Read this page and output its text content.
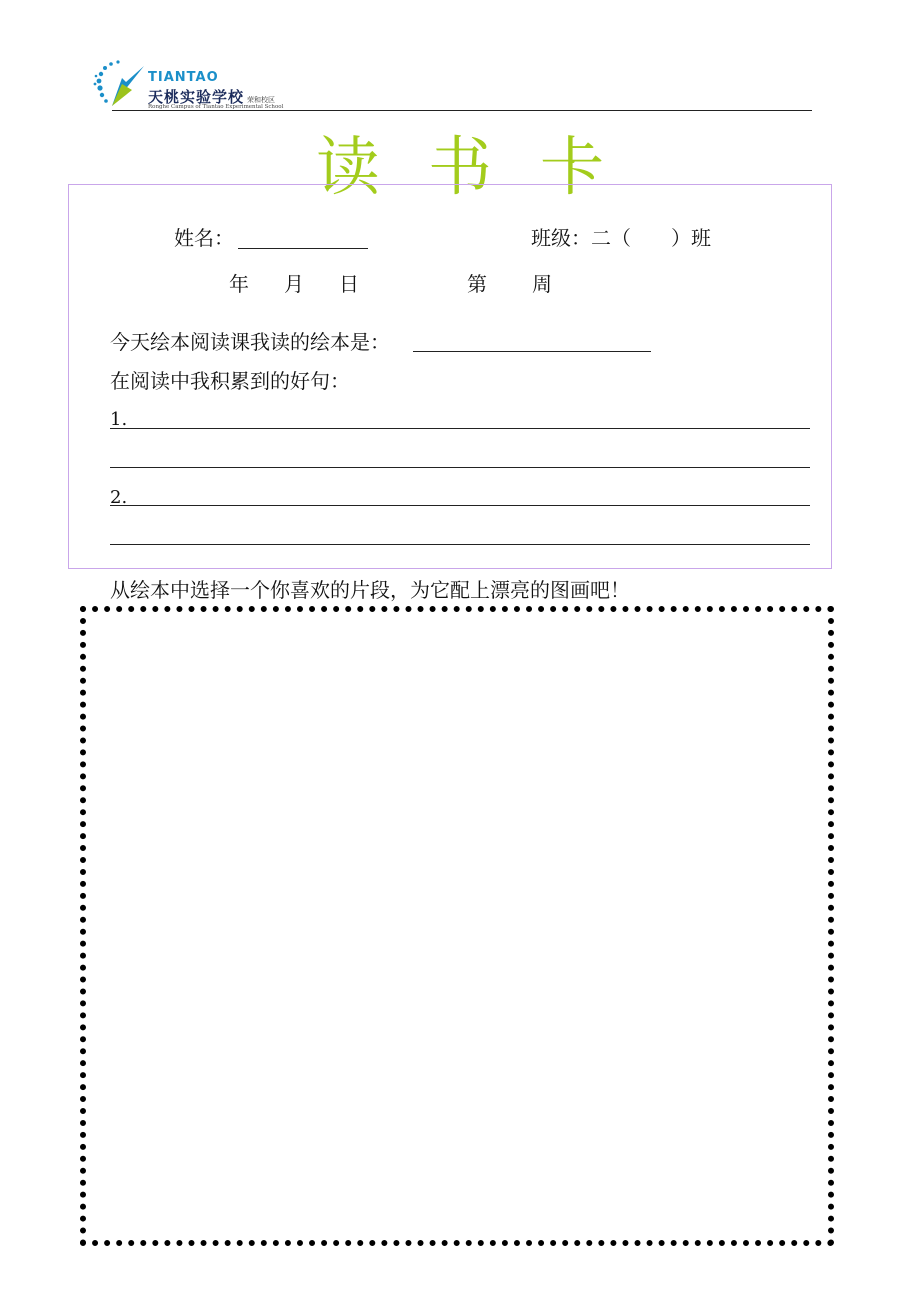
TIANTAO
天桃实验学校 荣和校区
Ronghe Campus of Tiantao Experimental School
读书卡
姓名：	班级：二（　　）班
年 月 日	第 周
今天绘本阅读课我读的绘本是：
在阅读中我积累到的好句：
1.
2.
从绘本中选择一个你喜欢的片段，为它配上漂亮的图画吧！
